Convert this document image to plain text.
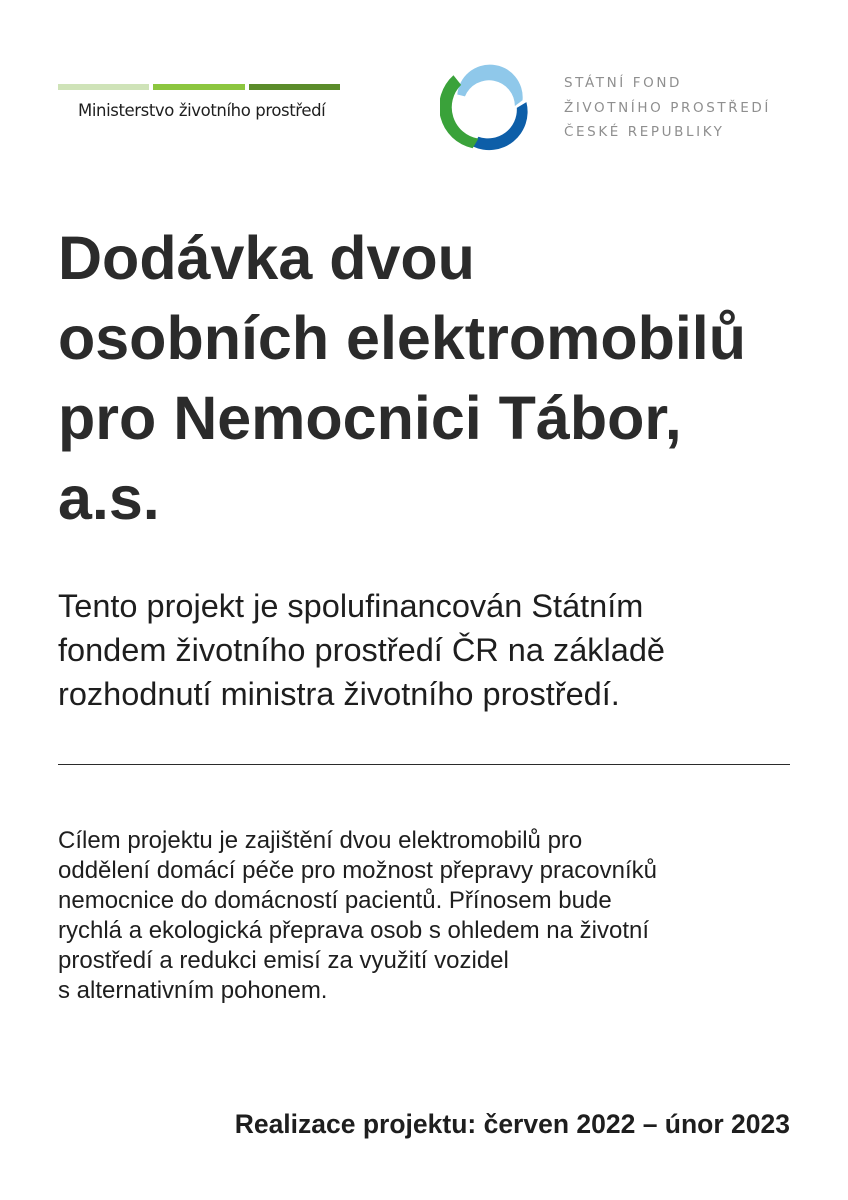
Ministerstvo životního prostředí
STÁTNÍ FOND
ŽIVOTNÍHO PROSTŘEDÍ
ČESKÉ REPUBLIKY
Dodávka dvou
osobních elektromobilů
pro Nemocnici Tábor,
a.s.

Tento projekt je spolufinancován Státním
fondem životního prostředí ČR na základě
rozhodnutí ministra životního prostředí.

Cílem projektu je zajištění dvou elektromobilů pro
oddělení domácí péče pro možnost přepravy pracovníků
nemocnice do domácností pacientů. Přínosem bude
rychlá a ekologická přeprava osob s ohledem na životní
prostředí a redukci emisí za využití vozidel
s alternativním pohonem.

Realizace projektu: červen 2022 – únor 2023
